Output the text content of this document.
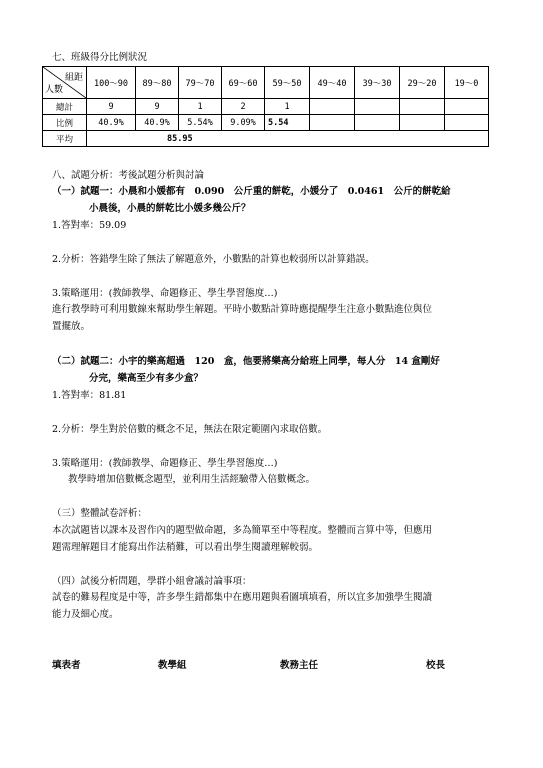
七、班級得分比例狀況
組距
人數	100～90	89～80	79～70	69～60	59～50	49～40	39～30	29～20	19～0
總計	9	9	1	2	1				
比例	40.9%	40.9%	5.54%	9.09%	5.54				
平均	85.95								
八、試題分析：考後試題分析與討論
（一）試題一：小晨和小媛都有　0.090　公斤重的餅乾，小媛分了　0.0461　公斤的餅乾給
小晨後，小晨的餅乾比小媛多幾公斤？
1.答對率：59.09
2.分析：答錯學生除了無法了解題意外，小數點的計算也較弱所以計算錯誤。
3.策略運用：(教師教學、命題修正、學生學習態度…)
進行教學時可利用數線來幫助學生解題。平時小數點計算時應提醒學生注意小數點進位與位
置擺放。
（二）試題二：小宇的樂高超過　120　盒，他要將樂高分給班上同學，每人分　14 盒剛好
分完，樂高至少有多少盒？
1.答對率：81.81
2.分析：學生對於倍數的概念不足，無法在限定範圍內求取倍數。
3.策略運用：(教師教學、命題修正、學生學習態度…)
教學時增加倍數概念題型，並利用生活經驗帶入倍數概念。
（三）整體試卷評析：
本次試題皆以課本及習作內的題型做命題，多為簡單至中等程度。整體而言算中等，但應用
題需理解題目才能寫出作法稍難，可以看出學生閱讀理解較弱。
（四）試後分析問題，學群小組會議討論事項：
試卷的難易程度是中等，許多學生錯都集中在應用題與看圖填填看，所以宜多加強學生閱讀
能力及細心度。
填表者	教學組	教務主任	校長
